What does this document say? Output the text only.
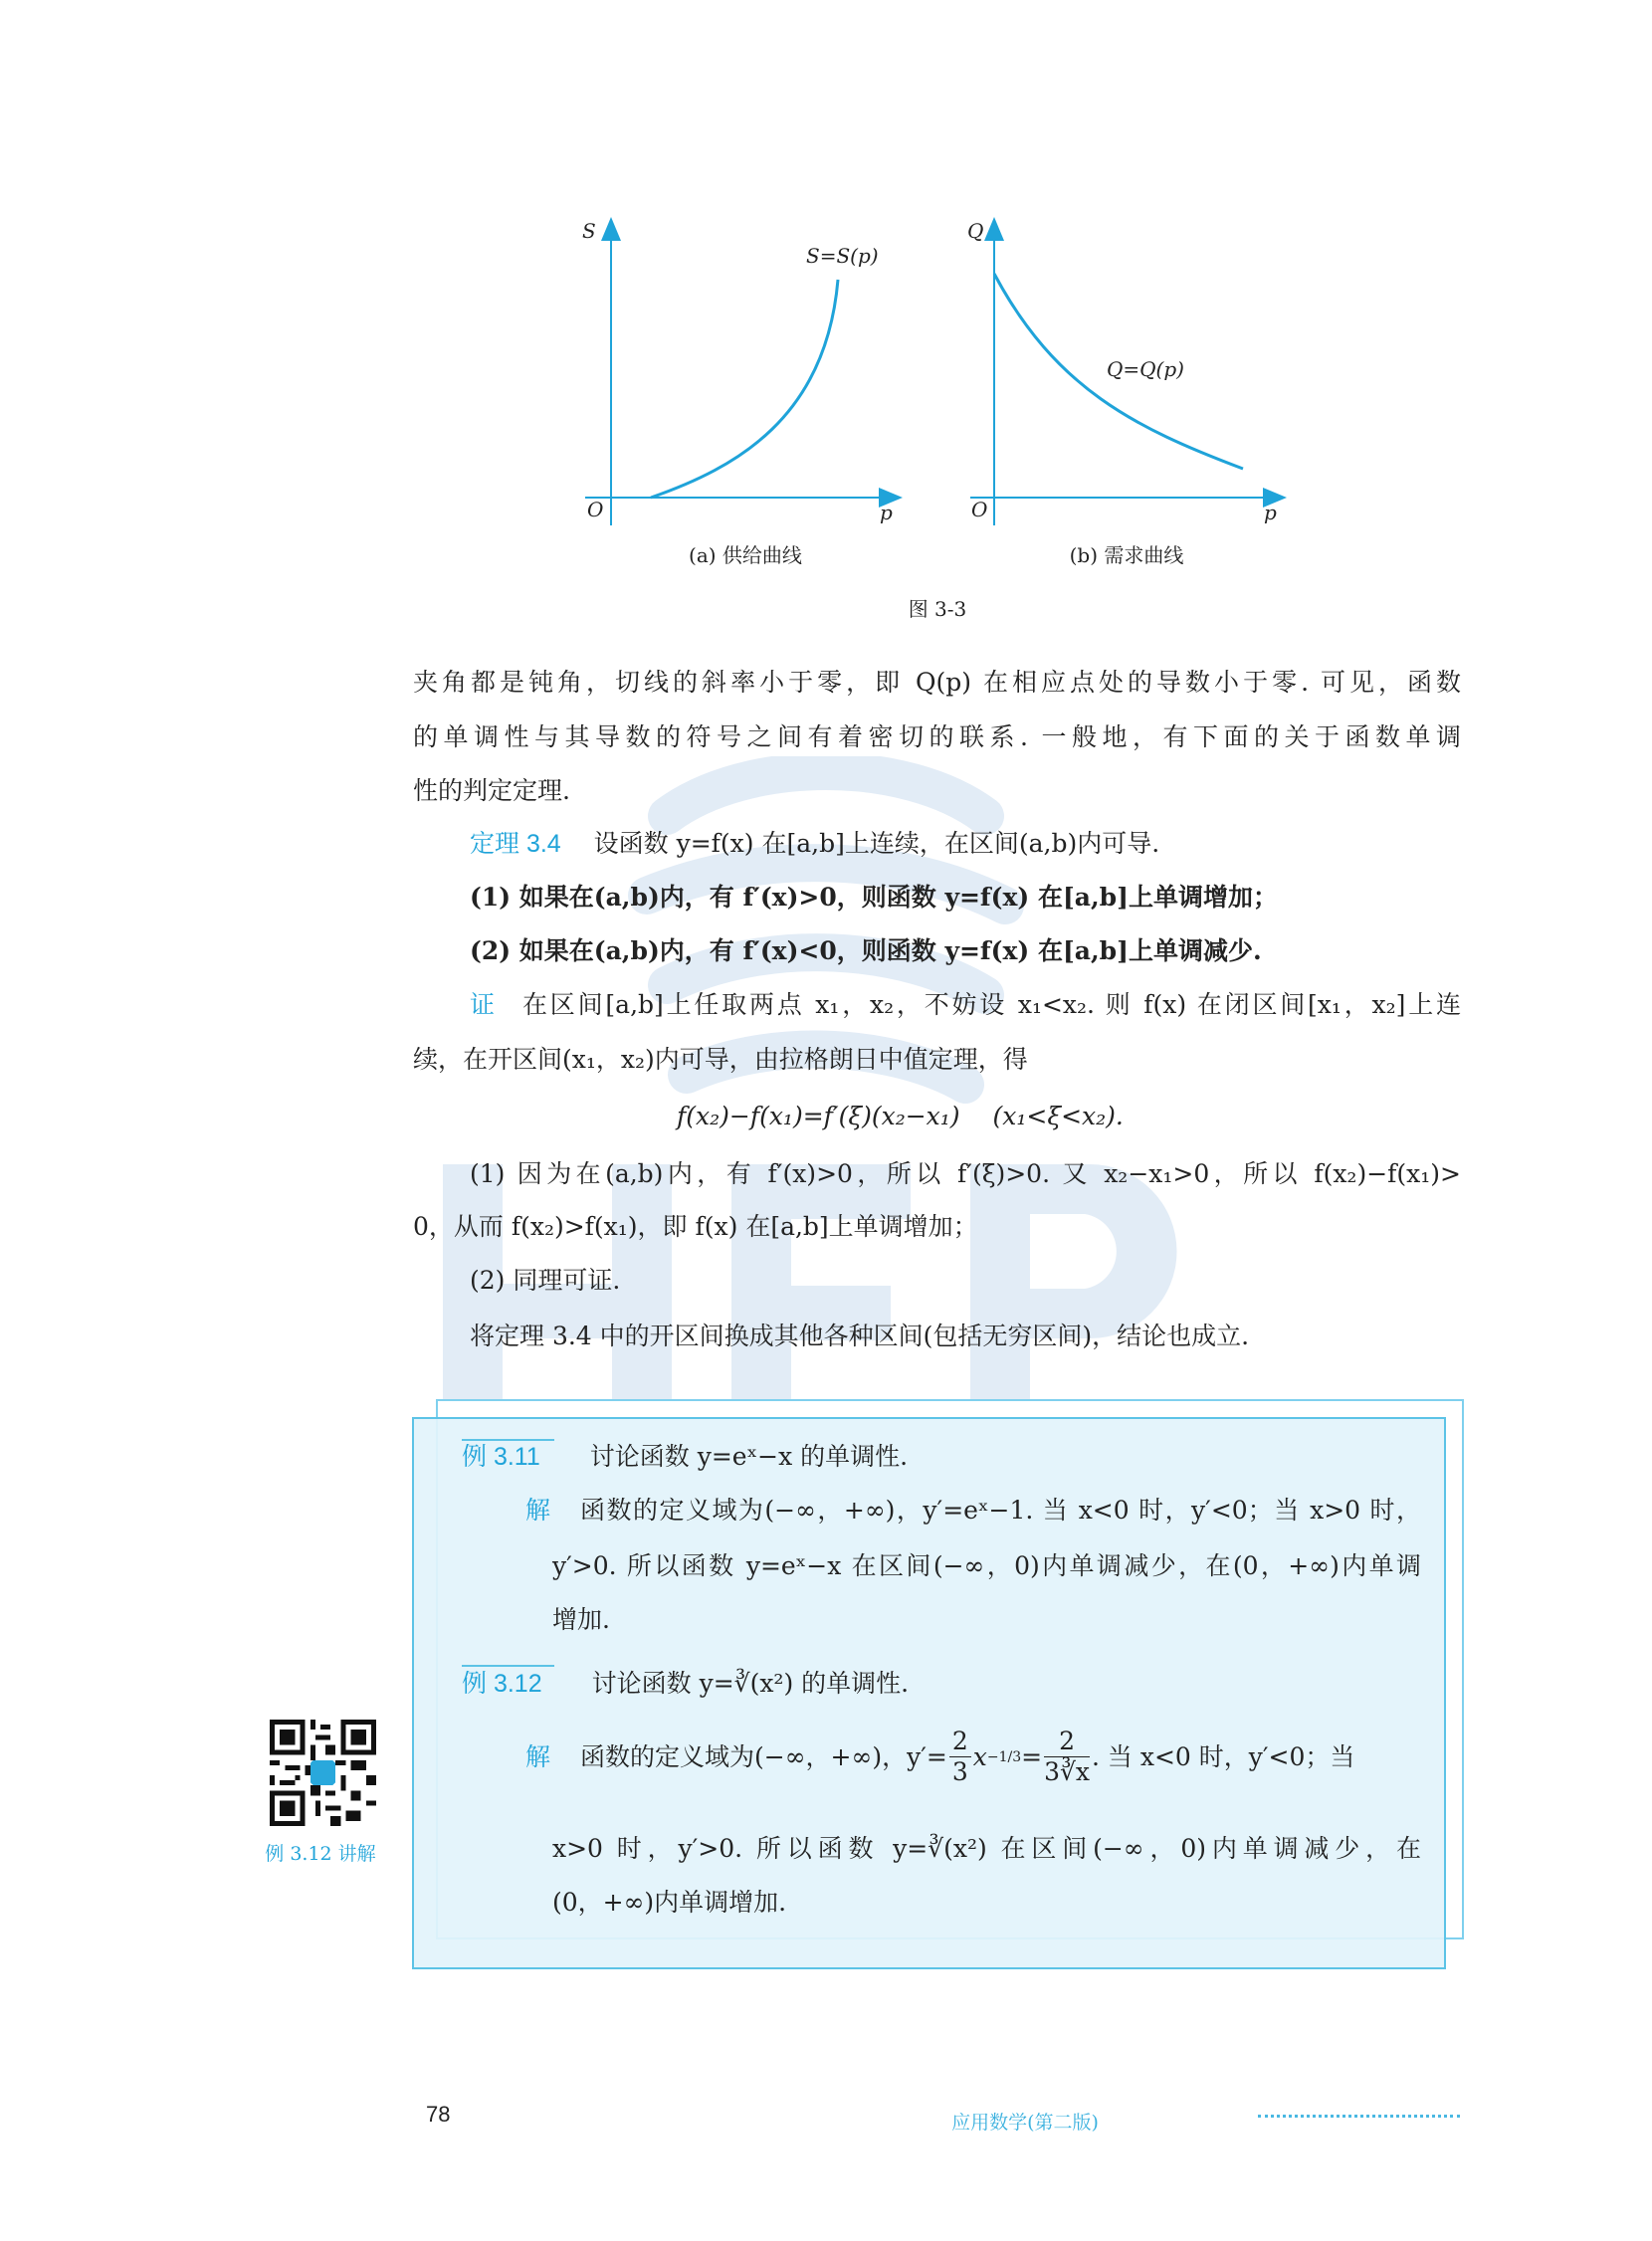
S
O	p
S=S(p)
Q
O	p
Q=Q(p)
(a) 供给曲线	(b) 需求曲线
图 3-3
夹角都是钝角，切线的斜率小于零，即 Q(p) 在相应点处的导数小于零. 可见，函数
的单调性与其导数的符号之间有着密切的联系. 一般地，有下面的关于函数单调
性的判定定理.
定理 3.4　 设函数 y=f(x) 在[a,b]上连续，在区间(a,b)内可导.
(1) 如果在(a,b)内，有 f′(x)>0，则函数 y=f(x) 在[a,b]上单调增加；
(2) 如果在(a,b)内，有 f′(x)<0，则函数 y=f(x) 在[a,b]上单调减少.
证 在区间[a,b]上任取两点 x₁，x₂，不妨设 x₁<x₂. 则 f(x) 在闭区间[x₁，x₂]上连
续，在开区间(x₁，x₂)内可导，由拉格朗日中值定理，得
f(x₂)−f(x₁)=f′(ξ)(x₂−x₁)　 (x₁<ξ<x₂).
(1) 因为在(a,b)内，有 f′(x)>0，所以 f′(ξ)>0. 又 x₂−x₁>0，所以 f(x₂)−f(x₁)>
0，从而 f(x₂)>f(x₁)，即 f(x) 在[a,b]上单调增加；
(2) 同理可证.
将定理 3.4 中的开区间换成其他各种区间(包括无穷区间)，结论也成立.
例 3.11　　 讨论函数 y=eˣ−x 的单调性.
解 函数的定义域为(−∞，+∞)，y′=eˣ−1. 当 x<0 时，y′<0；当 x>0 时，
y′>0. 所以函数 y=eˣ−x 在区间(−∞，0)内单调减少，在(0，+∞)内单调
增加.
例 3.12　　 讨论函数 y=∛(x²) 的单调性.
解 函数的定义域为(−∞，+∞)，$y'= \frac{2}{3}$ $x -1/3 = \frac{2}{3∛x}$ . 当 x<0 时，y′<0；当
x>0 时，y′>0. 所以函数 y=∛(x²) 在区间(−∞，0)内单调减少，在
(0，+∞)内单调增加.
例 3.12 讲解
78	应用数学(第二版)
